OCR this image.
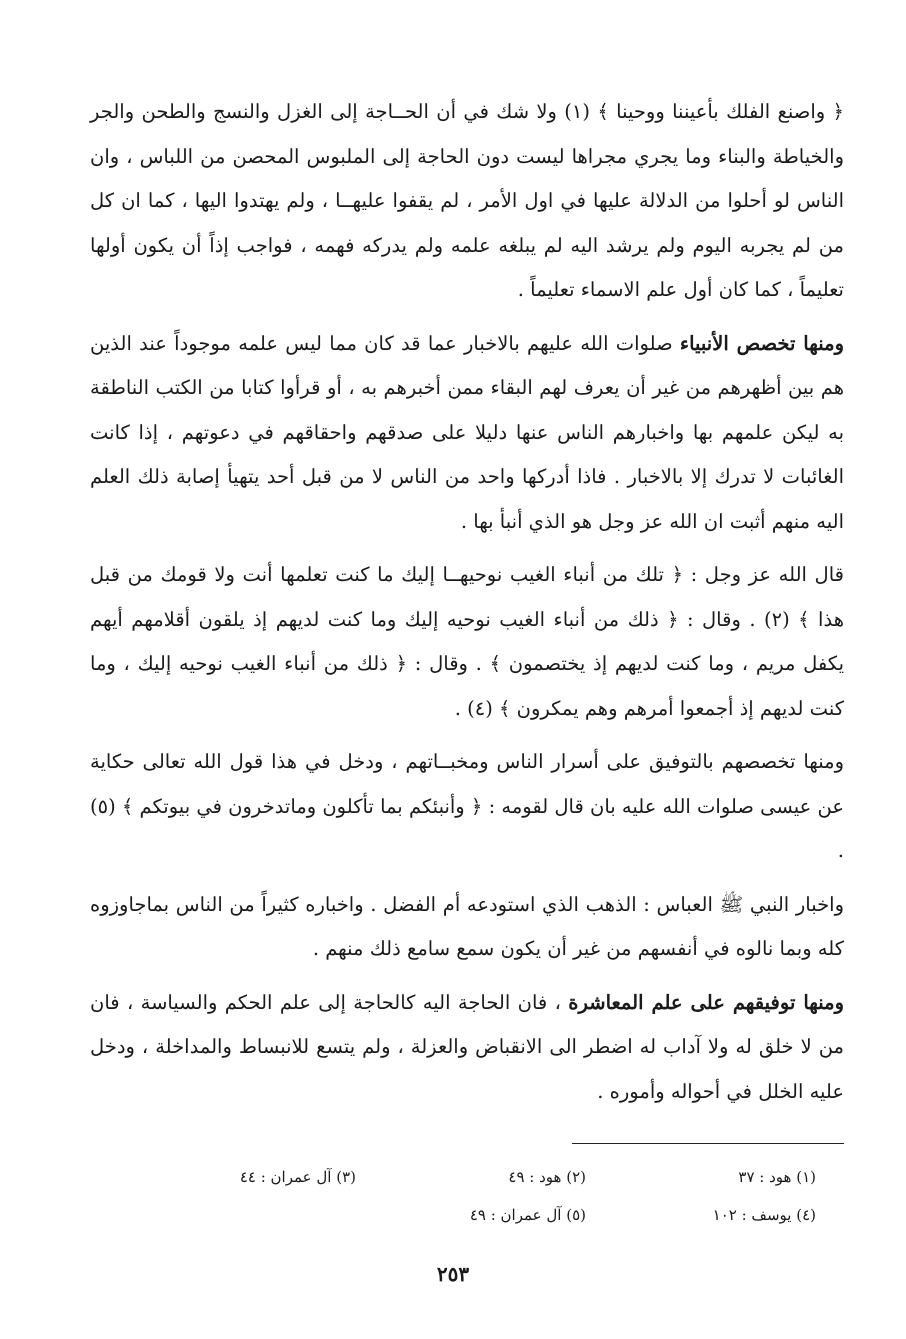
﴿ واصنع الفلك بأعيننا ووحينا ﴾ (١) ولا شك في أن الحــاجة إلى الغزل والنسج والطحن والجر والخياطة والبناء وما يجري مجراها ليست دون الحاجة إلى الملبوس المحصن من اللباس ، وان الناس لو أحلوا من الدلالة عليها في اول الأمر ، لم يقفوا عليهــا ، ولم يهتدوا اليها ، كما ان كل من لم يجربه اليوم ولم يرشد اليه لم يبلغه علمه ولم يدركه فهمه ، فواجب إذاً أن يكون أولها تعليماً ، كما كان أول علم الاسماء تعليماً .

ومنها تخصص الأنبياء صلوات الله عليهم بالاخبار عما قد كان مما ليس علمه موجوداً عند الذين هم بين أظهرهم من غير أن يعرف لهم البقاء ممن أخبرهم به ، أو قرأوا كتابا من الكتب الناطقة به ليكن علمهم بها واخبارهم الناس عنها دليلا على صدقهم واحقاقهم في دعوتهم ، إذا كانت الغائبات لا تدرك إلا بالاخبار . فاذا أدركها واحد من الناس لا من قبل أحد يتهيأ إصابة ذلك العلم اليه منهم أثبت ان الله عز وجل هو الذي أنبأ بها .

قال الله عز وجل : ﴿ تلك من أنباء الغيب نوحيهــا إليك ما كنت تعلمها أنت ولا قومك من قبل هذا ﴾ (٢) . وقال : ﴿ ذلك من أنباء الغيب نوحيه إليك وما كنت لديهم إذ يلقون أقلامهم أيهم يكفل مريم ، وما كنت لديهم إذ يختصمون ﴾ . وقال : ﴿ ذلك من أنباء الغيب نوحيه إليك ، وما كنت لديهم إذ أجمعوا أمرهم وهم يمكرون ﴾ (٤) .

ومنها تخصصهم بالتوفيق على أسرار الناس ومخبــاتهم ، ودخل في هذا قول الله تعالى حكاية عن عيسى صلوات الله عليه بان قال لقومه : ﴿ وأنبئكم بما تأكلون وماتدخرون في بيوتكم ﴾ (٥) .

واخبار النبي ﷺ العباس : الذهب الذي استودعه أم الفضل . واخباره كثيراً من الناس بماجاوزوه كله وبما نالوه في أنفسهم من غير أن يكون سمع سامع ذلك منهم .

ومنها توفيقهم على علم المعاشرة ، فان الحاجة اليه كالحاجة إلى علم الحكم والسياسة ، فان من لا خلق له ولا آداب له اضطر الى الانقباض والعزلة ، ولم يتسع للانبساط والمداخلة ، ودخل عليه الخلل في أحواله وأموره .

(١) هود : ٣٧
(٢) هود : ٤٩
(٣) آل عمران : ٤٤
(٤) يوسف : ١٠٢
(٥) آل عمران : ٤٩
٢٥٣
